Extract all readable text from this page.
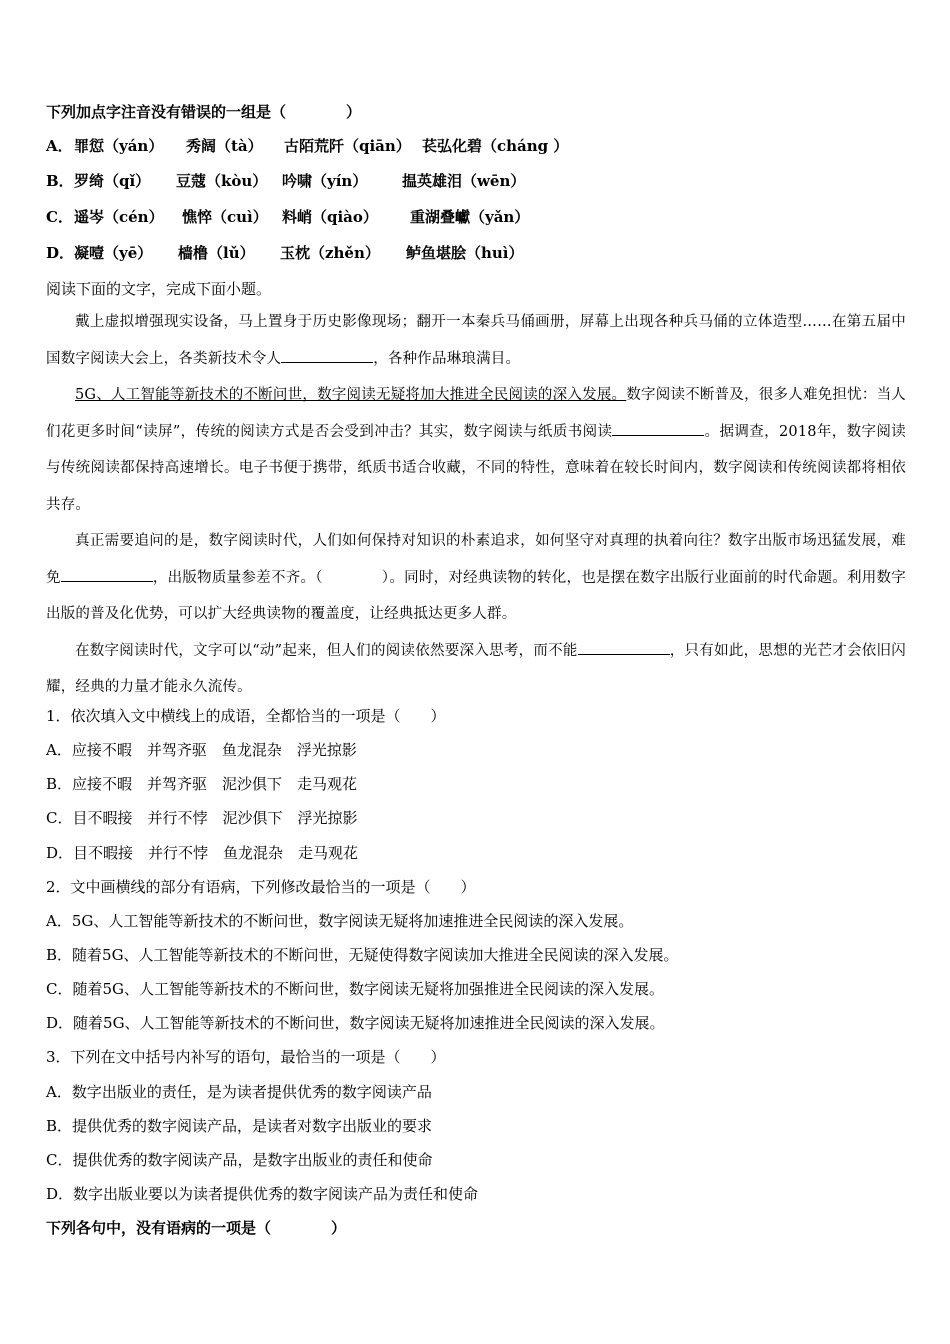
下列加点字注音没有错误的一组是（　　　　）
A．罪愆（yán） 秀阔（tà） 古陌荒阡（qiān） 苌弘化碧（cháng ）
B．罗绮（qǐ） 豆蔻（kòu） 吟啸（yín） 揾英雄泪（wēn）
C．遥岑（cén） 憔悴（cuì） 料峭（qiào） 重湖叠巘（yǎn）
D．凝噎（yē） 樯橹（lǔ） 玉枕（zhěn） 鲈鱼堪脍（huì）
阅读下面的文字，完成下面小题。

戴上虚拟增强现实设备，马上置身于历史影像现场；翻开一本秦兵马俑画册，屏幕上出现各种兵马俑的立体造型……在第五届中国数字阅读大会上，各类新技术令人	，各种作品琳琅满目。

5G、人工智能等新技术的不断问世，数字阅读无疑将加大推进全民阅读的深入发展。数字阅读不断普及，很多人难免担忧：当人们花更多时间“读屏”，传统的阅读方式是否会受到冲击？其实，数字阅读与纸质书阅读	。据调查，2018年，数字阅读与传统阅读都保持高速增长。电子书便于携带，纸质书适合收藏，不同的特性，意味着在较长时间内，数字阅读和传统阅读都将相依共存。

真正需要追问的是，数字阅读时代，人们如何保持对知识的朴素追求，如何坚守对真理的执着向往？数字出版市场迅猛发展，难免	，出版物质量参差不齐。（　　　　）。同时，对经典读物的转化，也是摆在数字出版行业面前的时代命题。利用数字出版的普及化优势，可以扩大经典读物的覆盖度，让经典抵达更多人群。

在数字阅读时代，文字可以“动”起来，但人们的阅读依然要深入思考，而不能	，只有如此，思想的光芒才会依旧闪耀，经典的力量才能永久流传。

1．依次填入文中横线上的成语，全都恰当的一项是（　　）
A．应接不暇　并驾齐驱　鱼龙混杂　浮光掠影
B．应接不暇　并驾齐驱　泥沙俱下　走马观花
C．目不暇接　并行不悖　泥沙俱下　浮光掠影
D．目不暇接　并行不悖　鱼龙混杂　走马观花
2．文中画横线的部分有语病，下列修改最恰当的一项是（　　）
A．5G、人工智能等新技术的不断问世，数字阅读无疑将加速推进全民阅读的深入发展。
B．随着5G、人工智能等新技术的不断问世，无疑使得数字阅读加大推进全民阅读的深入发展。
C．随着5G、人工智能等新技术的不断问世，数字阅读无疑将加强推进全民阅读的深入发展。
D．随着5G、人工智能等新技术的不断问世，数字阅读无疑将加速推进全民阅读的深入发展。
3．下列在文中括号内补写的语句，最恰当的一项是（　　）
A．数字出版业的责任，是为读者提供优秀的数字阅读产品
B．提供优秀的数字阅读产品，是读者对数字出版业的要求
C．提供优秀的数字阅读产品，是数字出版业的责任和使命
D．数字出版业要以为读者提供优秀的数字阅读产品为责任和使命
下列各句中，没有语病的一项是（　　　　）
